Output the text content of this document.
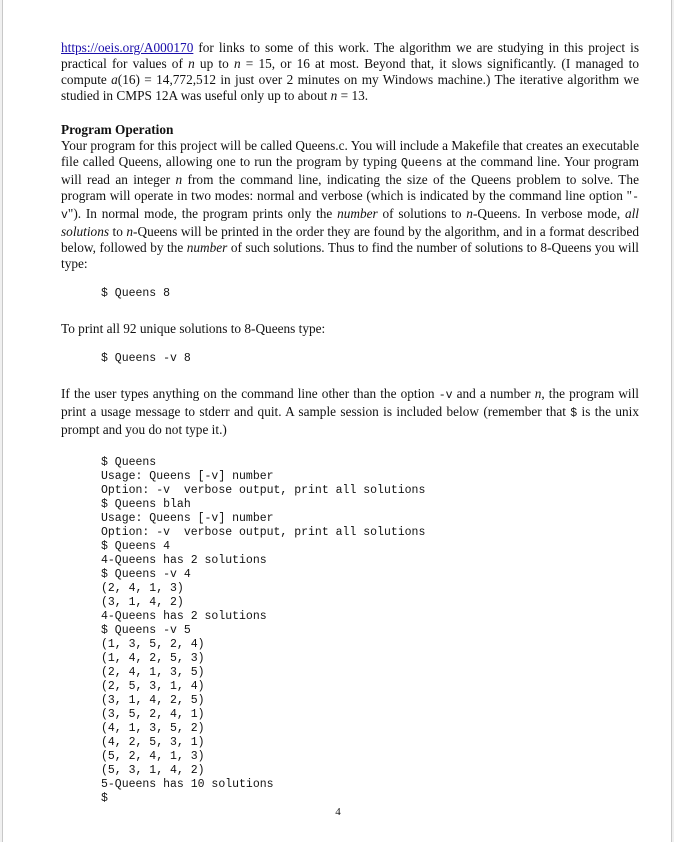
https://oeis.org/A000170 for links to some of this work. The algorithm we are studying in this project is practical for values of n up to n = 15, or 16 at most. Beyond that, it slows significantly. (I managed to compute a(16) = 14,772,512 in just over 2 minutes on my Windows machine.) The iterative algorithm we studied in CMPS 12A was useful only up to about n = 13.

Program Operation

Your program for this project will be called Queens.c. You will include a Makefile that creates an executable file called Queens, allowing one to run the program by typing Queens at the command line. Your program will read an integer n from the command line, indicating the size of the Queens problem to solve. The program will operate in two modes: normal and verbose (which is indicated by the command line option "-v"). In normal mode, the program prints only the number of solutions to n-Queens. In verbose mode, all solutions to n-Queens will be printed in the order they are found by the algorithm, and in a format described below, followed by the number of such solutions. Thus to find the number of solutions to 8-Queens you will type:

$ Queens 8

To print all 92 unique solutions to 8-Queens type:

$ Queens -v 8

If the user types anything on the command line other than the option -v and a number n, the program will print a usage message to stderr and quit. A sample session is included below (remember that $ is the unix prompt and you do not type it.)

$ Queens
Usage: Queens [-v] number
Option: -v  verbose output, print all solutions
$ Queens blah
Usage: Queens [-v] number
Option: -v  verbose output, print all solutions
$ Queens 4
4-Queens has 2 solutions
$ Queens -v 4
(2, 4, 1, 3)
(3, 1, 4, 2)
4-Queens has 2 solutions
$ Queens -v 5
(1, 3, 5, 2, 4)
(1, 4, 2, 5, 3)
(2, 4, 1, 3, 5)
(2, 5, 3, 1, 4)
(3, 1, 4, 2, 5)
(3, 5, 2, 4, 1)
(4, 1, 3, 5, 2)
(4, 2, 5, 3, 1)
(5, 2, 4, 1, 3)
(5, 3, 1, 4, 2)
5-Queens has 10 solutions
$
4
